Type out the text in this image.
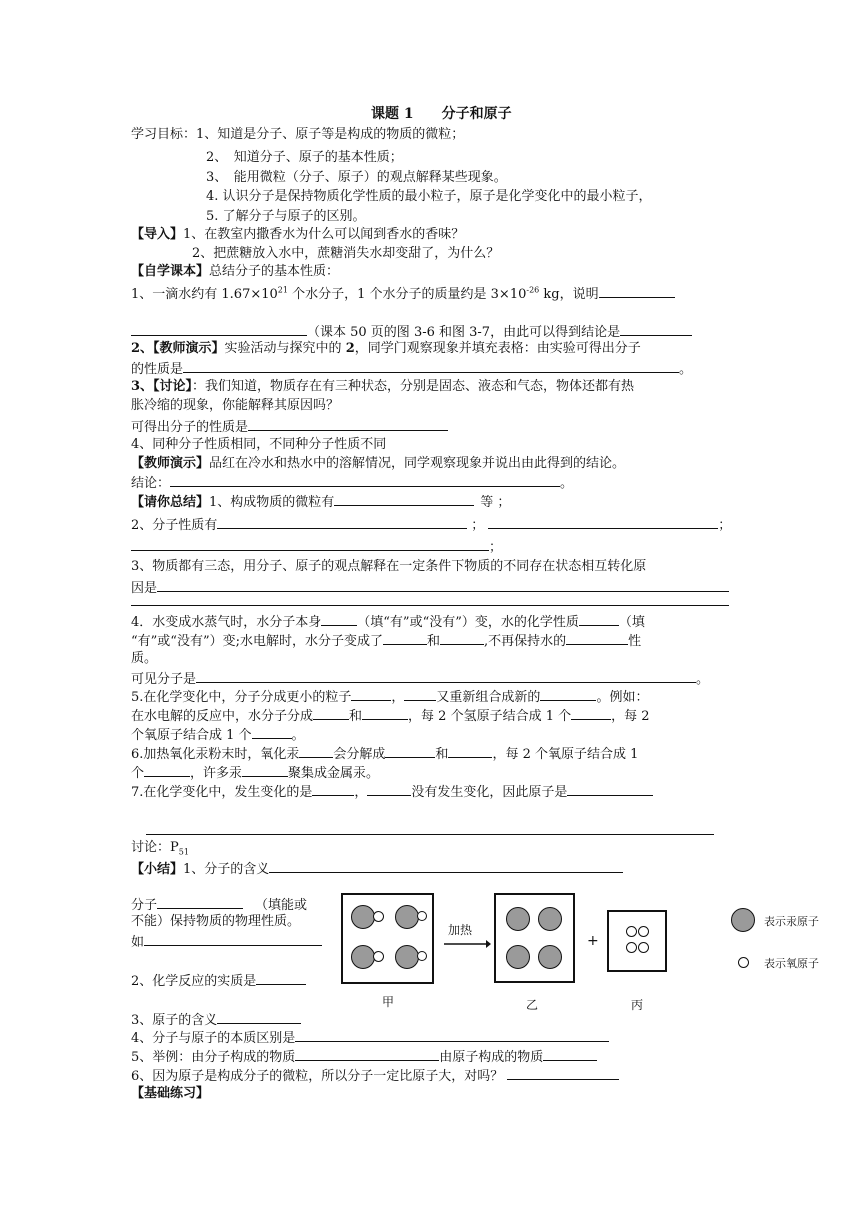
课题 1　　分子和原子
学习目标：1、知道是分子、原子等是构成的物质的微粒；
2、　知道分子、原子的基本性质；
3、　能用微粒（分子、原子）的观点解释某些现象。
4. 认识分子是保持物质化学性质的最小粒子，原子是化学变化中的最小粒子，
5. 了解分子与原子的区别。
【导入】1、在教室内撒香水为什么可以闻到香水的香味？
2、把蔗糖放入水中，蔗糖消失水却变甜了，为什么？
【自学课本】总结分子的基本性质：
1、一滴水约有 $1.67\times 10^{21}$ 个水分子，1 个水分子的质量约是 $3\times 10^{-26}$ kg，说明
（课本 50 页的图 3-6 和图 3-7，由此可以得到结论是
2、【教师演示】实验活动与探究中的 2，同学门观察现象并填充表格：由实验可得出分子
的性质是	。
3、【讨论】：我们知道，物质存在有三种状态，分别是固态、液态和气态，物体还都有热
胀冷缩的现象，你能解释其原因吗？
可得出分子的性质是
4、同种分子性质相同，不同种分子性质不同
【教师演示】品红在冷水和热水中的溶解情况，同学观察现象并说出由此得到的结论。
结论：	。
【请你总结】1、构成物质的微粒有	等 ；
2、分子性质有	；	；
；
3、物质都有三态，用分子、原子的观点解释在一定条件下物质的不同存在状态相互转化原
因是
4．水变成水蒸气时，水分子本身	（填“有”或“没有”）变，水的化学性质	（填
“有”或“没有”）变;水电解时，水分子变成了	和	,不再保持水的	性
质。
可见分子是	。
5.在化学变化中，分子分成更小的粒子	， 又重新组合成新的	。例如：
在水电解的反应中，水分子分成	和	，每 2 个氢原子结合成 1 个	，每 2
个氧原子结合成 1 个	。
6.加热氧化汞粉末时，氧化汞	会分解成	和	，每 2 个氧原子结合成 1
个	，许多汞	聚集成金属汞。
7.在化学变化中，发生变化的是	，	没有发生变化，因此原子是
讨论：$P_{51}$
【小结】1、分子的含义
分子	（填能或
不能）保持物质的物理性质。
如
2、化学反应的实质是
加热
+
甲	乙	丙
表示汞原子
表示氧原子
3、原子的含义
4、分子与原子的本质区别是
5、举例：由分子构成的物质	由原子构成的物质
6、因为原子是构成分子的微粒，所以分子一定比原子大，对吗？
【基础练习】
